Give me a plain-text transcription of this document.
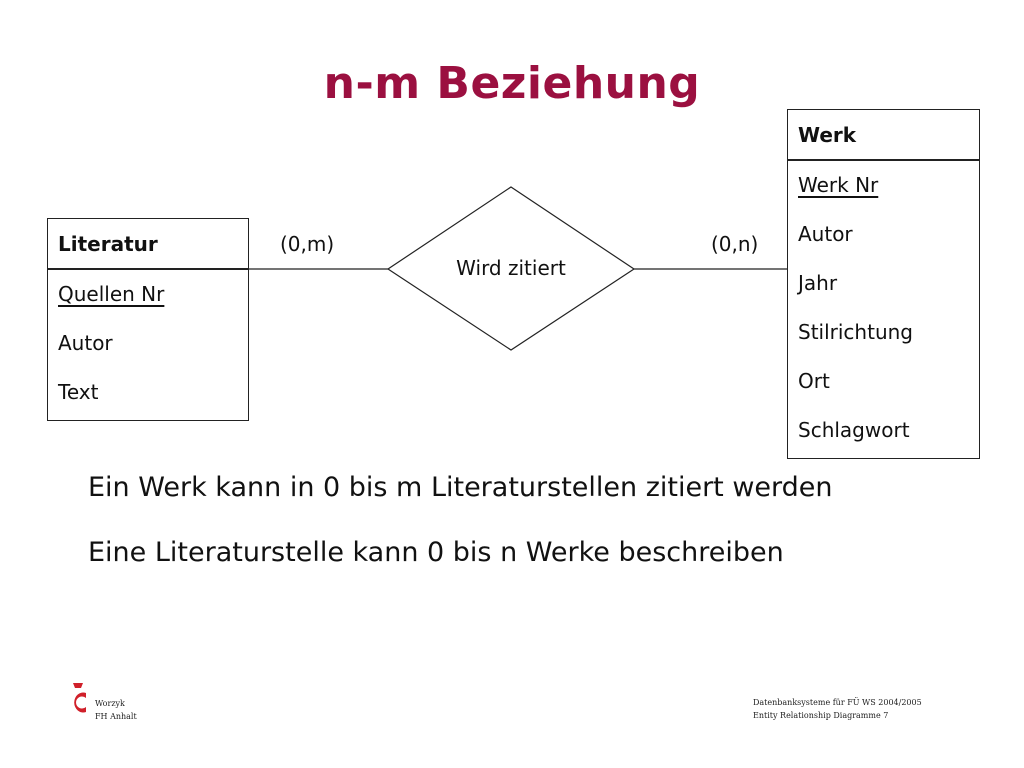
n-m Beziehung
Wird zitiert
(0,m)	(0,n)
Literatur
Quellen Nr
Autor
Text
Werk
Werk Nr
Autor
Jahr
Stilrichtung
Ort
Schlagwort
Ein Werk kann in 0 bis m Literaturstellen zitiert werden
Eine Literaturstelle kann 0 bis n Werke beschreiben
Worzyk
FH Anhalt
Datenbanksysteme für FÜ WS 2004/2005
Entity Relationship Diagramme 7
